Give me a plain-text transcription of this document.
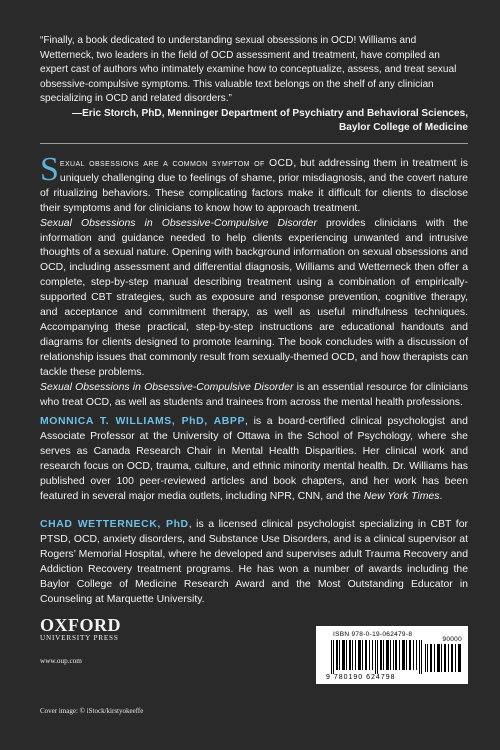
“Finally, a book dedicated to understanding sexual obsessions in OCD! Williams and Wetterneck, two leaders in the field of OCD assessment and treatment, have compiled an expert cast of authors who intimately examine how to conceptualize, assess, and treat sexual obsessive-compulsive symptoms. This valuable text belongs on the shelf of any clinician specializing in OCD and related disorders.”

—Eric Storch, PhD, Menninger Department of Psychiatry and Behavioral Sciences,
Baylor College of Medicine

Sexual obsessions are a common symptom of OCD, but addressing them in treatment is uniquely challenging due to feelings of shame, prior misdiagnosis, and the covert nature of ritualizing behaviors. These complicating factors make it difficult for clients to disclose their symptoms and for clinicians to know how to approach treatment.

Sexual Obsessions in Obsessive-Compulsive Disorder provides clinicians with the information and guidance needed to help clients experiencing unwanted and intrusive thoughts of a sexual nature. Opening with background information on sexual obsessions and OCD, including assessment and differential diagnosis, Williams and Wetterneck then offer a complete, step-by-step manual describing treatment using a combination of empirically-supported CBT strategies, such as exposure and response prevention, cognitive therapy, and acceptance and commitment therapy, as well as useful mindfulness techniques. Accompanying these practical, step-by-step instructions are educational handouts and diagrams for clients designed to promote learning. The book concludes with a discussion of relationship issues that commonly result from sexually-themed OCD, and how therapists can tackle these problems.

Sexual Obsessions in Obsessive-Compulsive Disorder is an essential resource for clinicians who treat OCD, as well as students and trainees from across the mental health professions.

MONNICA T. WILLIAMS, PhD, ABPP, is a board-certified clinical psychologist and Associate Professor at the University of Ottawa in the School of Psychology, where she serves as Canada Research Chair in Mental Health Disparities. Her clinical work and research focus on OCD, trauma, culture, and ethnic minority mental health. Dr. Williams has published over 100 peer-reviewed articles and book chapters, and her work has been featured in several major media outlets, including NPR, CNN, and the New York Times.

CHAD WETTERNECK, PhD, is a licensed clinical psychologist specializing in CBT for PTSD, OCD, anxiety disorders, and Substance Use Disorders, and is a clinical supervisor at Rogers’ Memorial Hospital, where he developed and supervises adult Trauma Recovery and Addiction Recovery treatment programs. He has won a number of awards including the Baylor College of Medicine Research Award and the Most Outstanding Educator in Counseling at Marquette University.

OXFORD
UNIVERSITY PRESS
www.oup.com
Cover image: © iStock/kirstyokeeffe
ISBN 978-0-19-062479-8
90000
9 780190 624798
